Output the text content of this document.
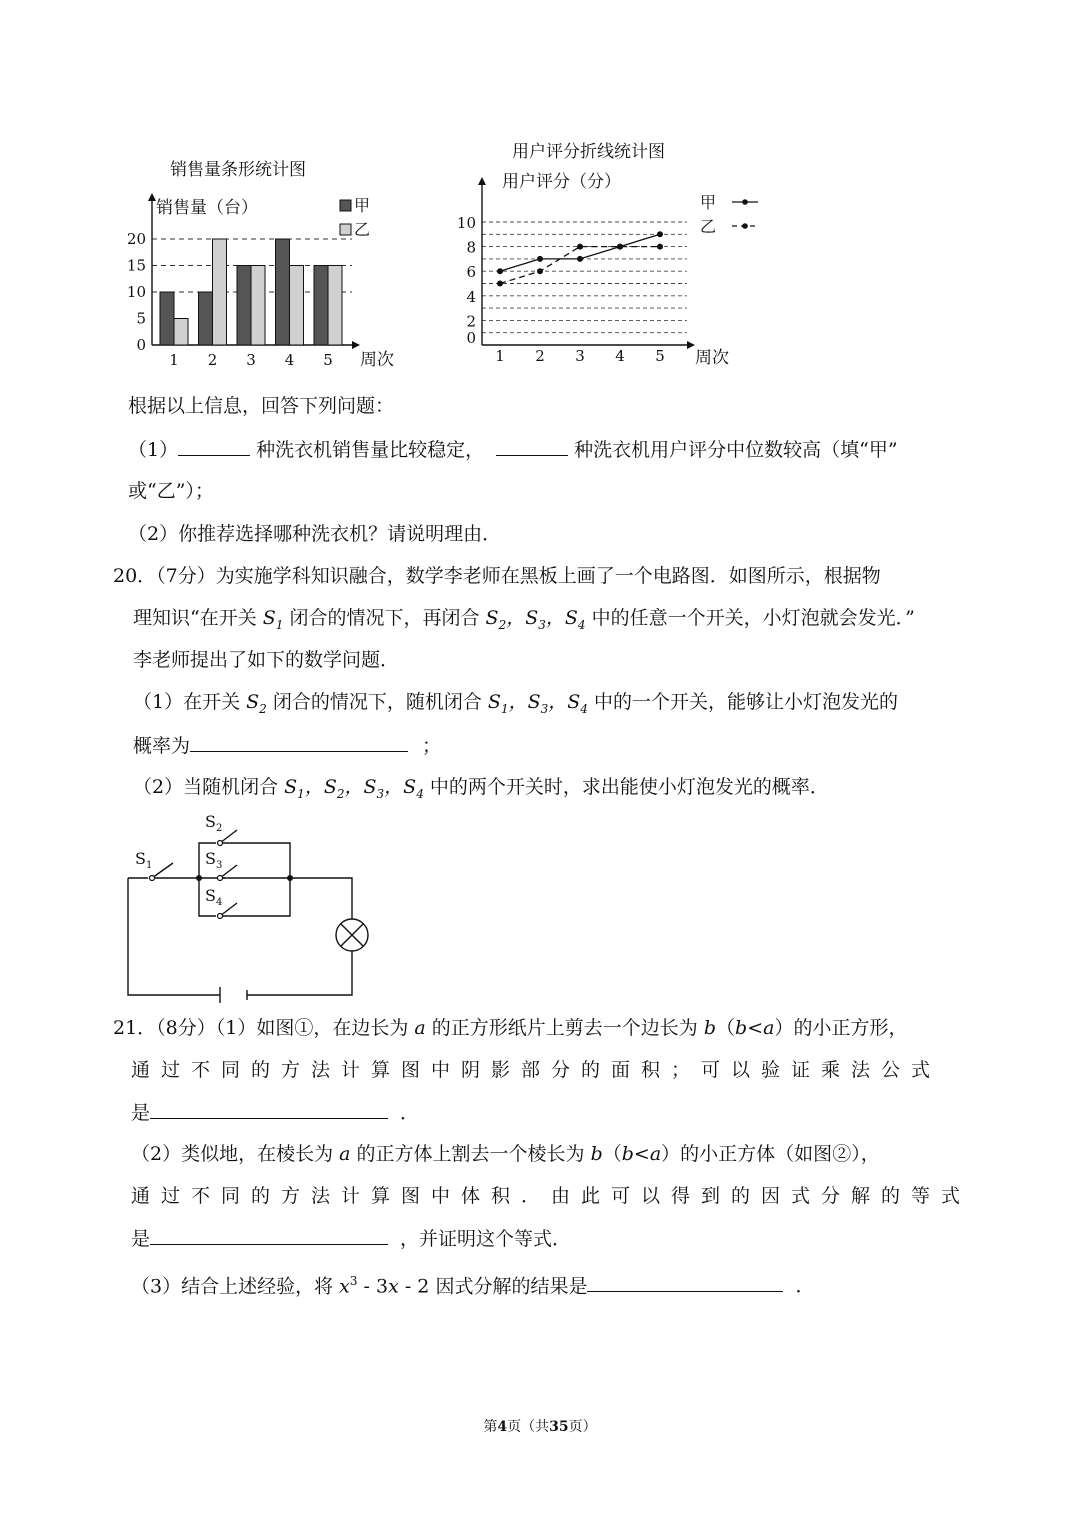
销售量条形统计图
0
5
10
15
20
1 2 3 4 5
销售量（台）
周次
甲
乙
用户评分折线统计图
0
2
4
6
8
10
1 2 3 4 5
用户评分（分）
周次
甲
乙
根据以上信息，回答下列问题：
（1）	种洗衣机销售量比较稳定，	种洗衣机用户评分中位数较高（填“甲”
或“乙”）；
（2）你推荐选择哪种洗衣机？请说明理由．
20．（7分）为实施学科知识融合，数学李老师在黑板上画了一个电路图．如图所示，根据物
理知识“在开关 $S_1$ 闭合的情况下，再闭合 $S_2$，$S_3$，$S_4$ 中的任意一个开关，小灯泡就会发光．”
李老师提出了如下的数学问题．
（1）在开关 $S_2$ 闭合的情况下，随机闭合 $S_1$，$S_3$，$S_4$ 中的一个开关，能够让小灯泡发光的
概率为	；
（2）当随机闭合 $S_1$，$S_2$，$S_3$，$S_4$ 中的两个开关时，求出能使小灯泡发光的概率．
$S_1$
$S_2$
$S_3$
$S_4$
21．（8分）（1）如图①，在边长为 a 的正方形纸片上剪去一个边长为 b（b<a）的小正方形，
通过不同的方法计算图中阴影部分的面积；可以验证乘法公式
是	．
（2）类似地，在棱长为 a 的正方体上割去一个棱长为 b（b<a）的小正方体（如图②），
通过不同的方法计算图中体积．由此可以得到的因式分解的等式
是	，并证明这个等式．
（3）结合上述经验，将 $x^3 - 3x - 2$ 因式分解的结果是	．
第4页（共35页）
